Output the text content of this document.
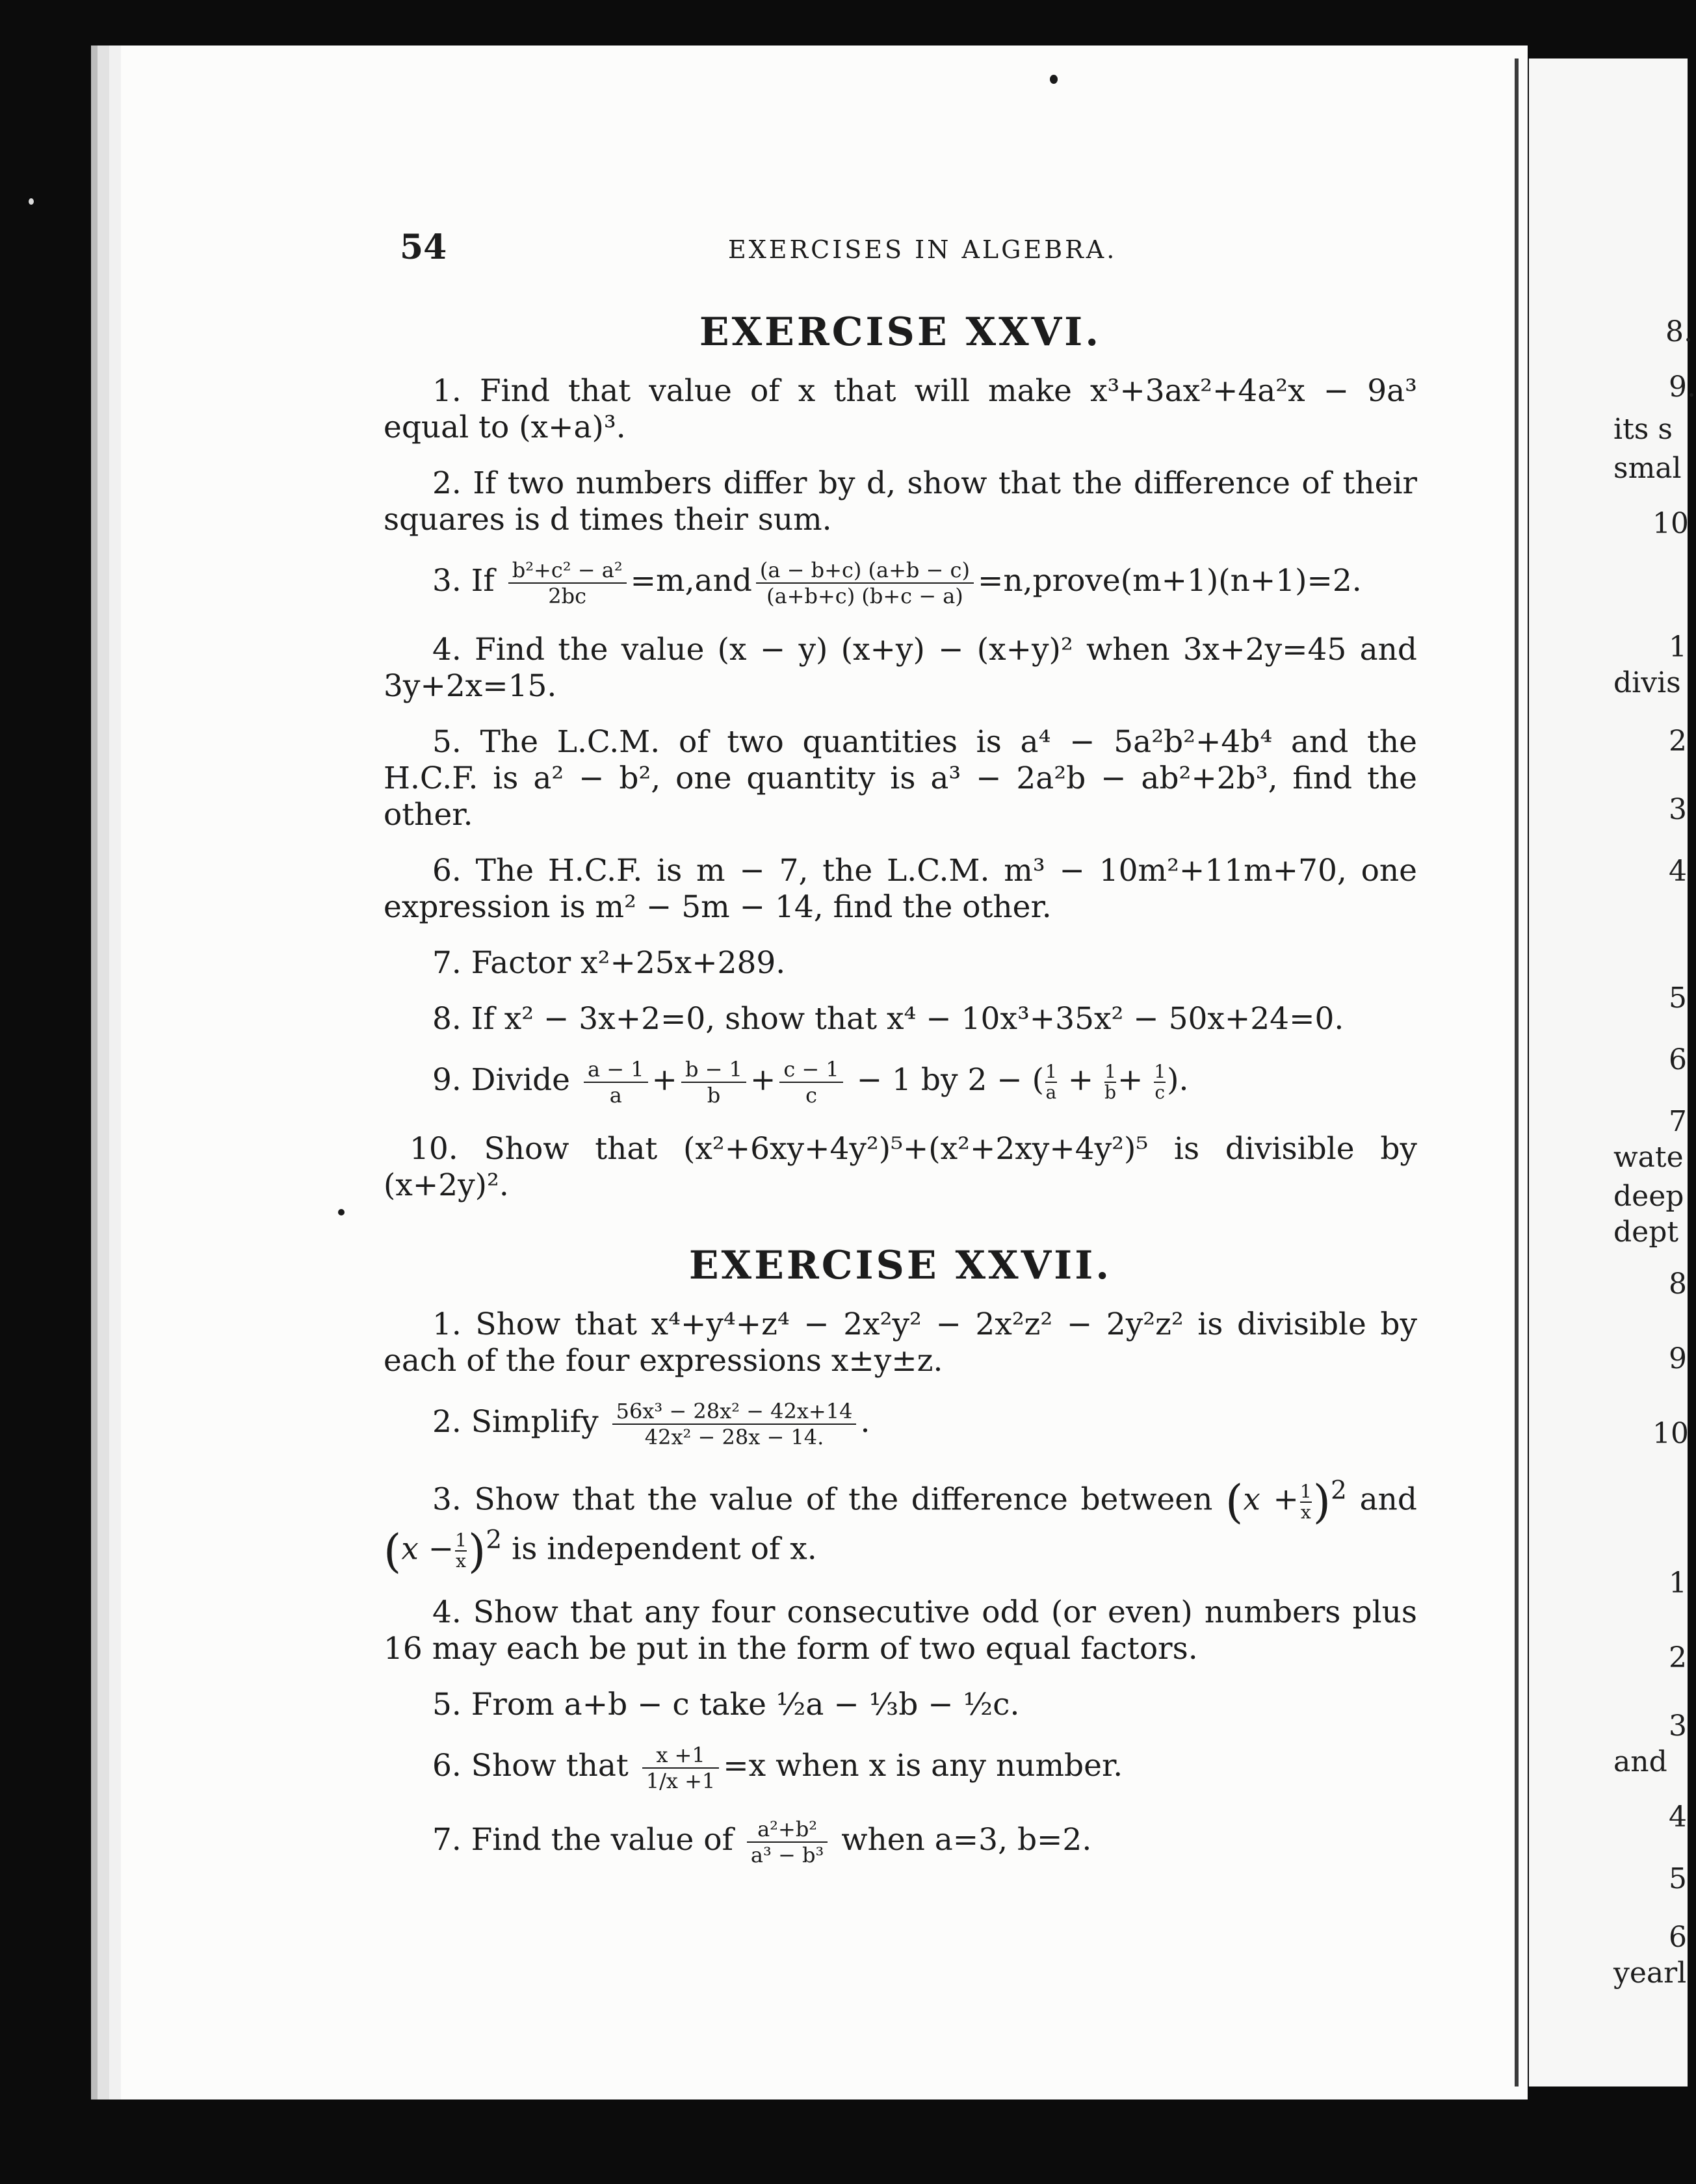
8.
9.
its s
smal
10
1
divis
2
3
4
5
6
7
wate
deep
dept
8
9
10
1
2
3
and
4
5
6
yearl
54	EXERCISES IN ALGEBRA.
EXERCISE XXVI.

1. Find that value of x that will make x³+3ax²+4a²x − 9a³ equal to (x+a)³.

2. If two numbers differ by d, show that the difference of their squares is d times their sum.

3. If $\frac{\text{b²+c² − a²}}{2bc} =m,and \frac{(a - b+c) (a+b - c)}{(a+b+c) (b+c - a)}$ =n,prove(m+1)(n+1)=2.

4. Find the value (x − y) (x+y) − (x+y)² when 3x+2y=45 and 3y+2x=15.

5. The L.C.M. of two quantities is a⁴ − 5a²b²+4b⁴ and the H.C.F. is a² − b², one quantity is a³ − 2a²b − ab²+2b³, find the other.

6. The H.C.F. is m − 7, the L.C.M. m³ − 10m²+11m+70, one expression is m² − 5m − 14, find the other.

7. Factor x²+25x+289.

8. If x² − 3x+2=0, show that x⁴ − 10x³+35x² − 50x+24=0.

9. Divide $\frac{a - 1}{a} + \frac{b - 1}{b} + \frac{c - 1}{c} - 1$ by 2 − ( $\frac{1}{a} + \frac{1}{b} + \frac{1}{c}$ ).

10. Show that (x²+6xy+4y²)⁵+(x²+2xy+4y²)⁵ is divisible by (x+2y)².

EXERCISE XXVII.

1. Show that x⁴+y⁴+z⁴ − 2x²y² − 2x²z² − 2y²z² is divisible by each of the four expressions x±y±z.

2. Simplify $\frac{\text{56x³ − 28x² − 42x+14}}{\text{42x² − 28x − 14.}}$ .

3. Show that the value of the difference between $(x + \frac{1}{x} )^2$ and $(x - \frac{1}{x} )^2$ is independent of x.

4. Show that any four consecutive odd (or even) numbers plus 16 may each be put in the form of two equal factors.

5. From a+b − c take ½a − ⅓b − ½c.

6. Show that $\frac{x +1}{1/x +1} =x$ when x is any number.

7. Find the value of $\frac{\text{a²+b²}}{\text{a³ − b³}}$ when a=3, b=2.
